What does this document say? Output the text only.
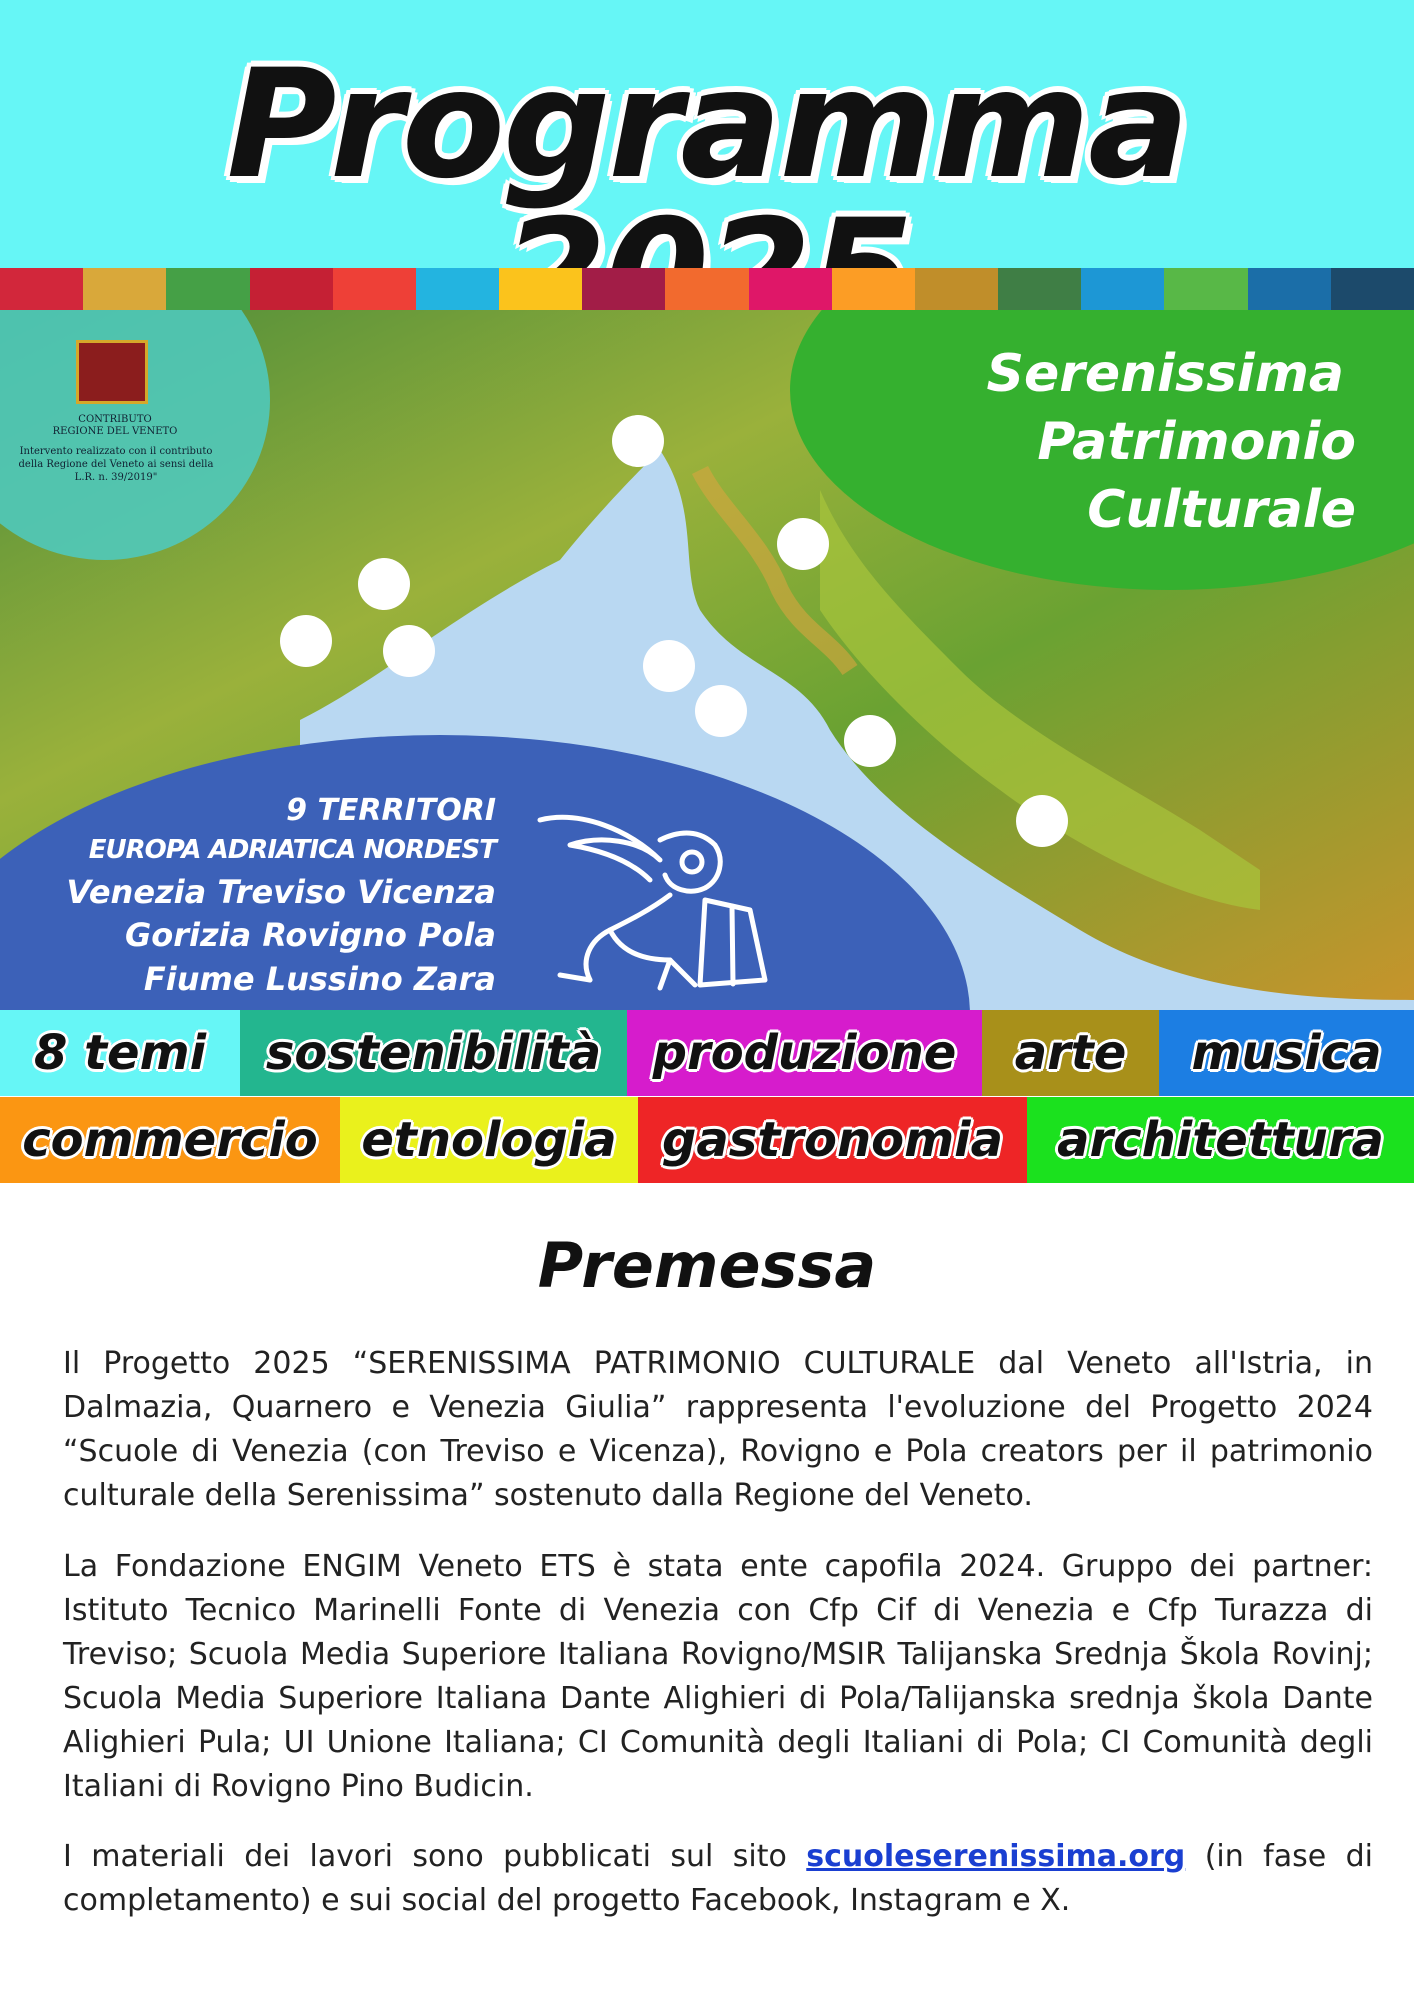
Programma
CONTRIBUTO
REGIONE DEL VENETO
Intervento realizzato con il contributo della Regione del Veneto ai sensi della L.R. n. 39/2019"
Serenissima
Patrimonio
Culturale
9 TERRITORI
EUROPA ADRIATICA NORDEST
Venezia Treviso Vicenza
Gorizia Rovigno Pola
Fiume Lussino Zara
8 temi	sostenibilità	produzione	arte	musica
commercio etnologia gastronomia	architettura
Premessa

Il Progetto 2025 “SERENISSIMA PATRIMONIO CULTURALE dal Veneto all'Istria, in Dalmazia, Quarnero e Venezia Giulia” rappresenta l'evoluzione del Progetto 2024 “Scuole di Venezia (con Treviso e Vicenza), Rovigno e Pola creators per il patrimonio culturale della Serenissima” sostenuto dalla Regione del Veneto.

La Fondazione ENGIM Veneto ETS è stata ente capofila 2024. Gruppo dei partner: Istituto Tecnico Marinelli Fonte di Venezia con Cfp Cif di Venezia e Cfp Turazza di Treviso; Scuola Media Superiore Italiana Rovigno/MSIR Talijanska Srednja Škola Rovinj; Scuola Media Superiore Italiana Dante Alighieri di Pola/Talijanska srednja škola Dante Alighieri Pula; UI Unione Italiana; CI Comunità degli Italiani di Pola; CI Comunità degli Italiani di Rovigno Pino Budicin.

I materiali dei lavori sono pubblicati sul sito scuoleserenissima.org (in fase di completamento) e sui social del progetto Facebook, Instagram e X.
